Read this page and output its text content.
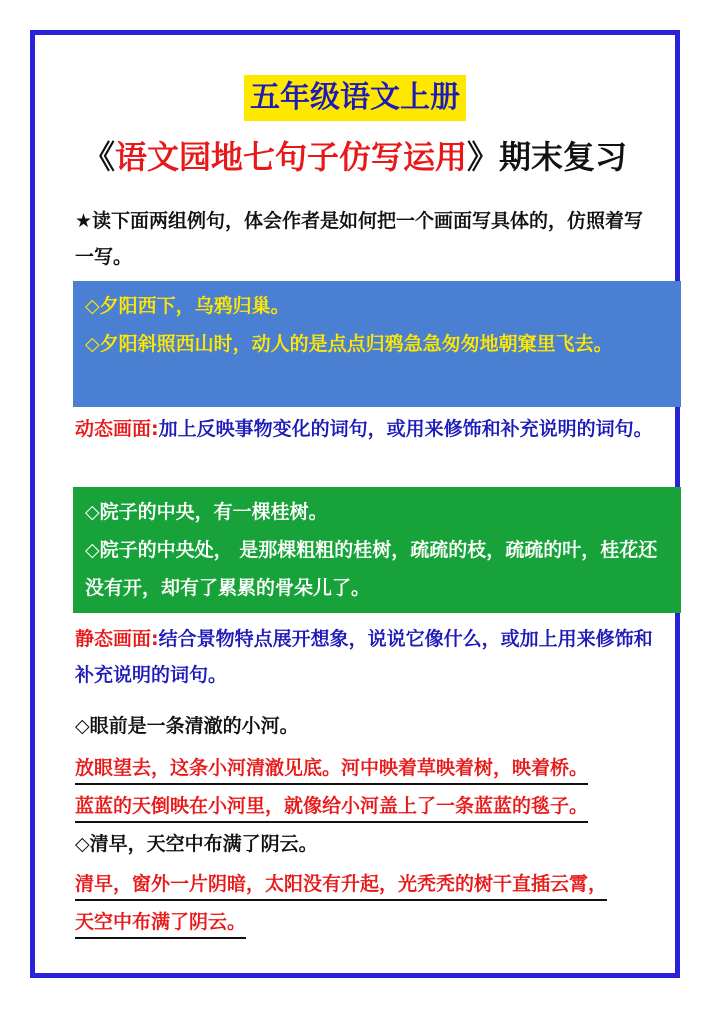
五年级语文上册
《语文园地七句子仿写运用》期末复习
★读下面两组例句，体会作者是如何把一个画面写具体的，仿照着写一写。
◇夕阳西下，乌鸦归巢。
◇夕阳斜照西山时，动人的是点点归鸦急急匆匆地朝窠里飞去。
动态画面:加上反映事物变化的词句，或用来修饰和补充说明的词句。
◇院子的中央，有一棵桂树。
◇院子的中央处， 是那棵粗粗的桂树，疏疏的枝，疏疏的叶，桂花还没有开，却有了累累的骨朵儿了。
静态画面:结合景物特点展开想象，说说它像什么，或加上用来修饰和补充说明的词句。
◇眼前是一条清澈的小河。
放眼望去，这条小河清澈见底。河中映着草映着树，映着桥。
蓝蓝的天倒映在小河里，就像给小河盖上了一条蓝蓝的毯子。
◇清早，天空中布满了阴云。
清早，窗外一片阴暗，太阳没有升起，光秃秃的树干直插云霄，
天空中布满了阴云。
